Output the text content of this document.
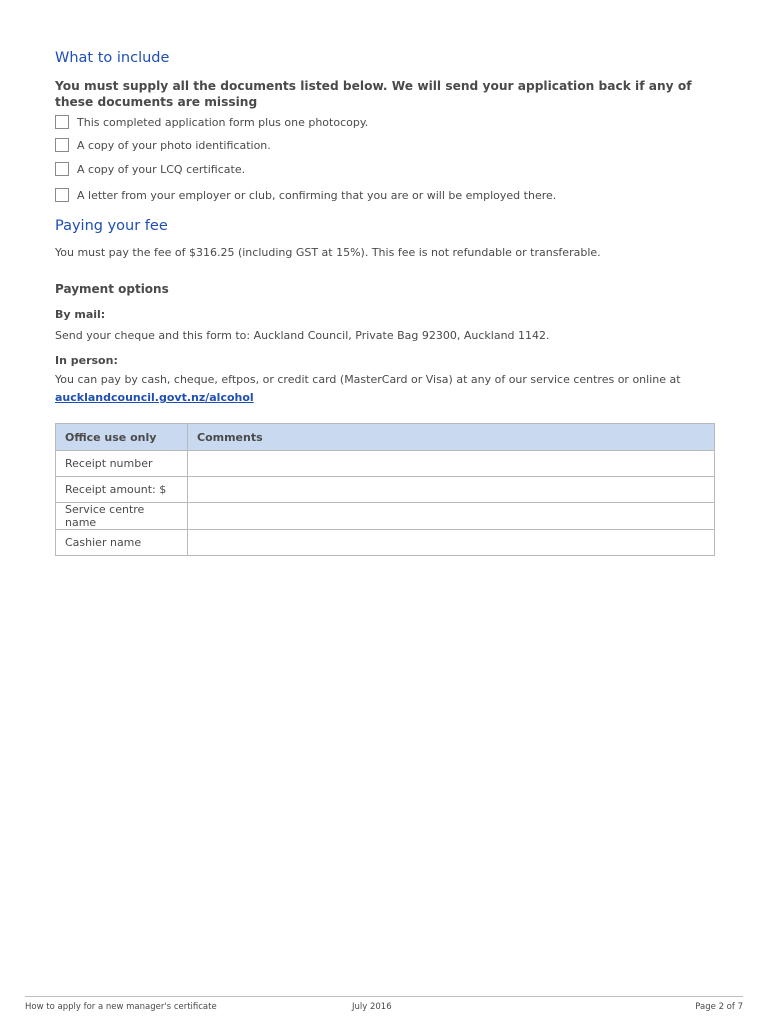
What to include
You must supply all the documents listed below. We will send your application back if any of these documents are missing
This completed application form plus one photocopy.
A copy of your photo identification.
A copy of your LCQ certificate.
A letter from your employer or club, confirming that you are or will be employed there.
Paying your fee
You must pay the fee of $316.25 (including GST at 15%). This fee is not refundable or transferable.
Payment options
By mail:
Send your cheque and this form to: Auckland Council, Private Bag 92300, Auckland 1142.
In person:
You can pay by cash, cheque, eftpos, or credit card (MasterCard or Visa) at any of our service centres or online at
aucklandcouncil.govt.nz/alcohol
Office use only	Comments
Receipt number	
Receipt amount: $	
Service centre name	
Cashier name	
How to apply for a new manager's certificate	July 2016	Page 2 of 7
